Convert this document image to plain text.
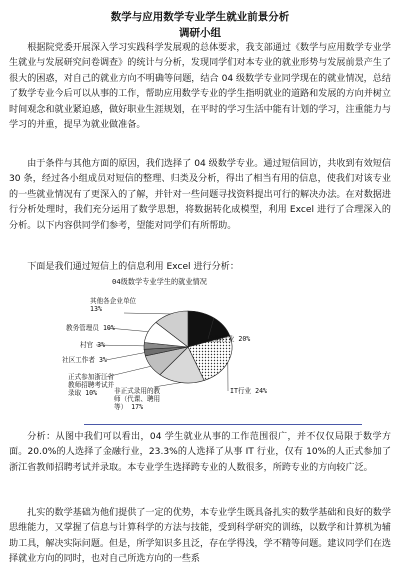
数学与应用数学专业学生就业前景分析
调研小组

根据院党委开展深入学习实践科学发展观的总体要求，我支部通过《数学与应用数学专业学生就业与发展研究问卷调查》的统计与分析，发现同学们对本专业的就业形势与发展前景产生了很大的困惑，对自己的就业方向不明确等问题，结合 04 级数学专业同学现在的就业情况，总结了数学专业今后可以从事的工作，帮助应用数学专业的学生指明就业的道路和发展的方向并树立时间观念和就业紧迫感，做好职业生涯规划，在平时的学习生活中能有计划的学习，注重能力与学习的并重，提早为就业做准备。

由于条件与其他方面的原因，我们选择了 04 级数学专业。通过短信回访，共收到有效短信 30 条，经过各小组成员对短信的整理、归类及分析，得出了相当有用的信息，使我们对该专业的一些就业情况有了更深入的了解，并针对一些问题寻找资料提出可行的解决办法。在对数据进行分析处理时，我们充分运用了数学思想，将数据转化成模型，利用 Excel 进行了合理深入的分析。以下内容供同学们参考，望能对同学们有所帮助。

下面是我们通过短信上的信息利用 Excel 进行分析：

04级数学专业学生的就业情况
金融行业 20%
IT行业 24%
非正式录用的教
师（代课、聘用
等） 17%
正式参加浙江省
教师招聘考试并
录取 10%
社区工作者 3%
村官 3%
教务管理员 10%
其他各企业单位
13%

分析：从图中我们可以看出，04 学生就业从事的工作范围很广，并不仅仅局限于数学方面。20.0%的人选择了金融行业，23.3%的人选择了从事 IT 行业，仅有 10%的人正式参加了浙江省教师招聘考试并录取。本专业学生选择跨专业的人数很多，所跨专业的方向较广泛。

扎实的数学基础为他们提供了一定的优势，本专业学生既具备扎实的数学基础和良好的数学思维能力，又掌握了信息与计算科学的方法与技能，受到科学研究的训练，以数学和计算机为辅助工具，解决实际问题。但是，所学知识多且泛，存在学得浅，学不精等问题。建议同学们在选择就业方向的同时，也对自己所选方向的一些系
